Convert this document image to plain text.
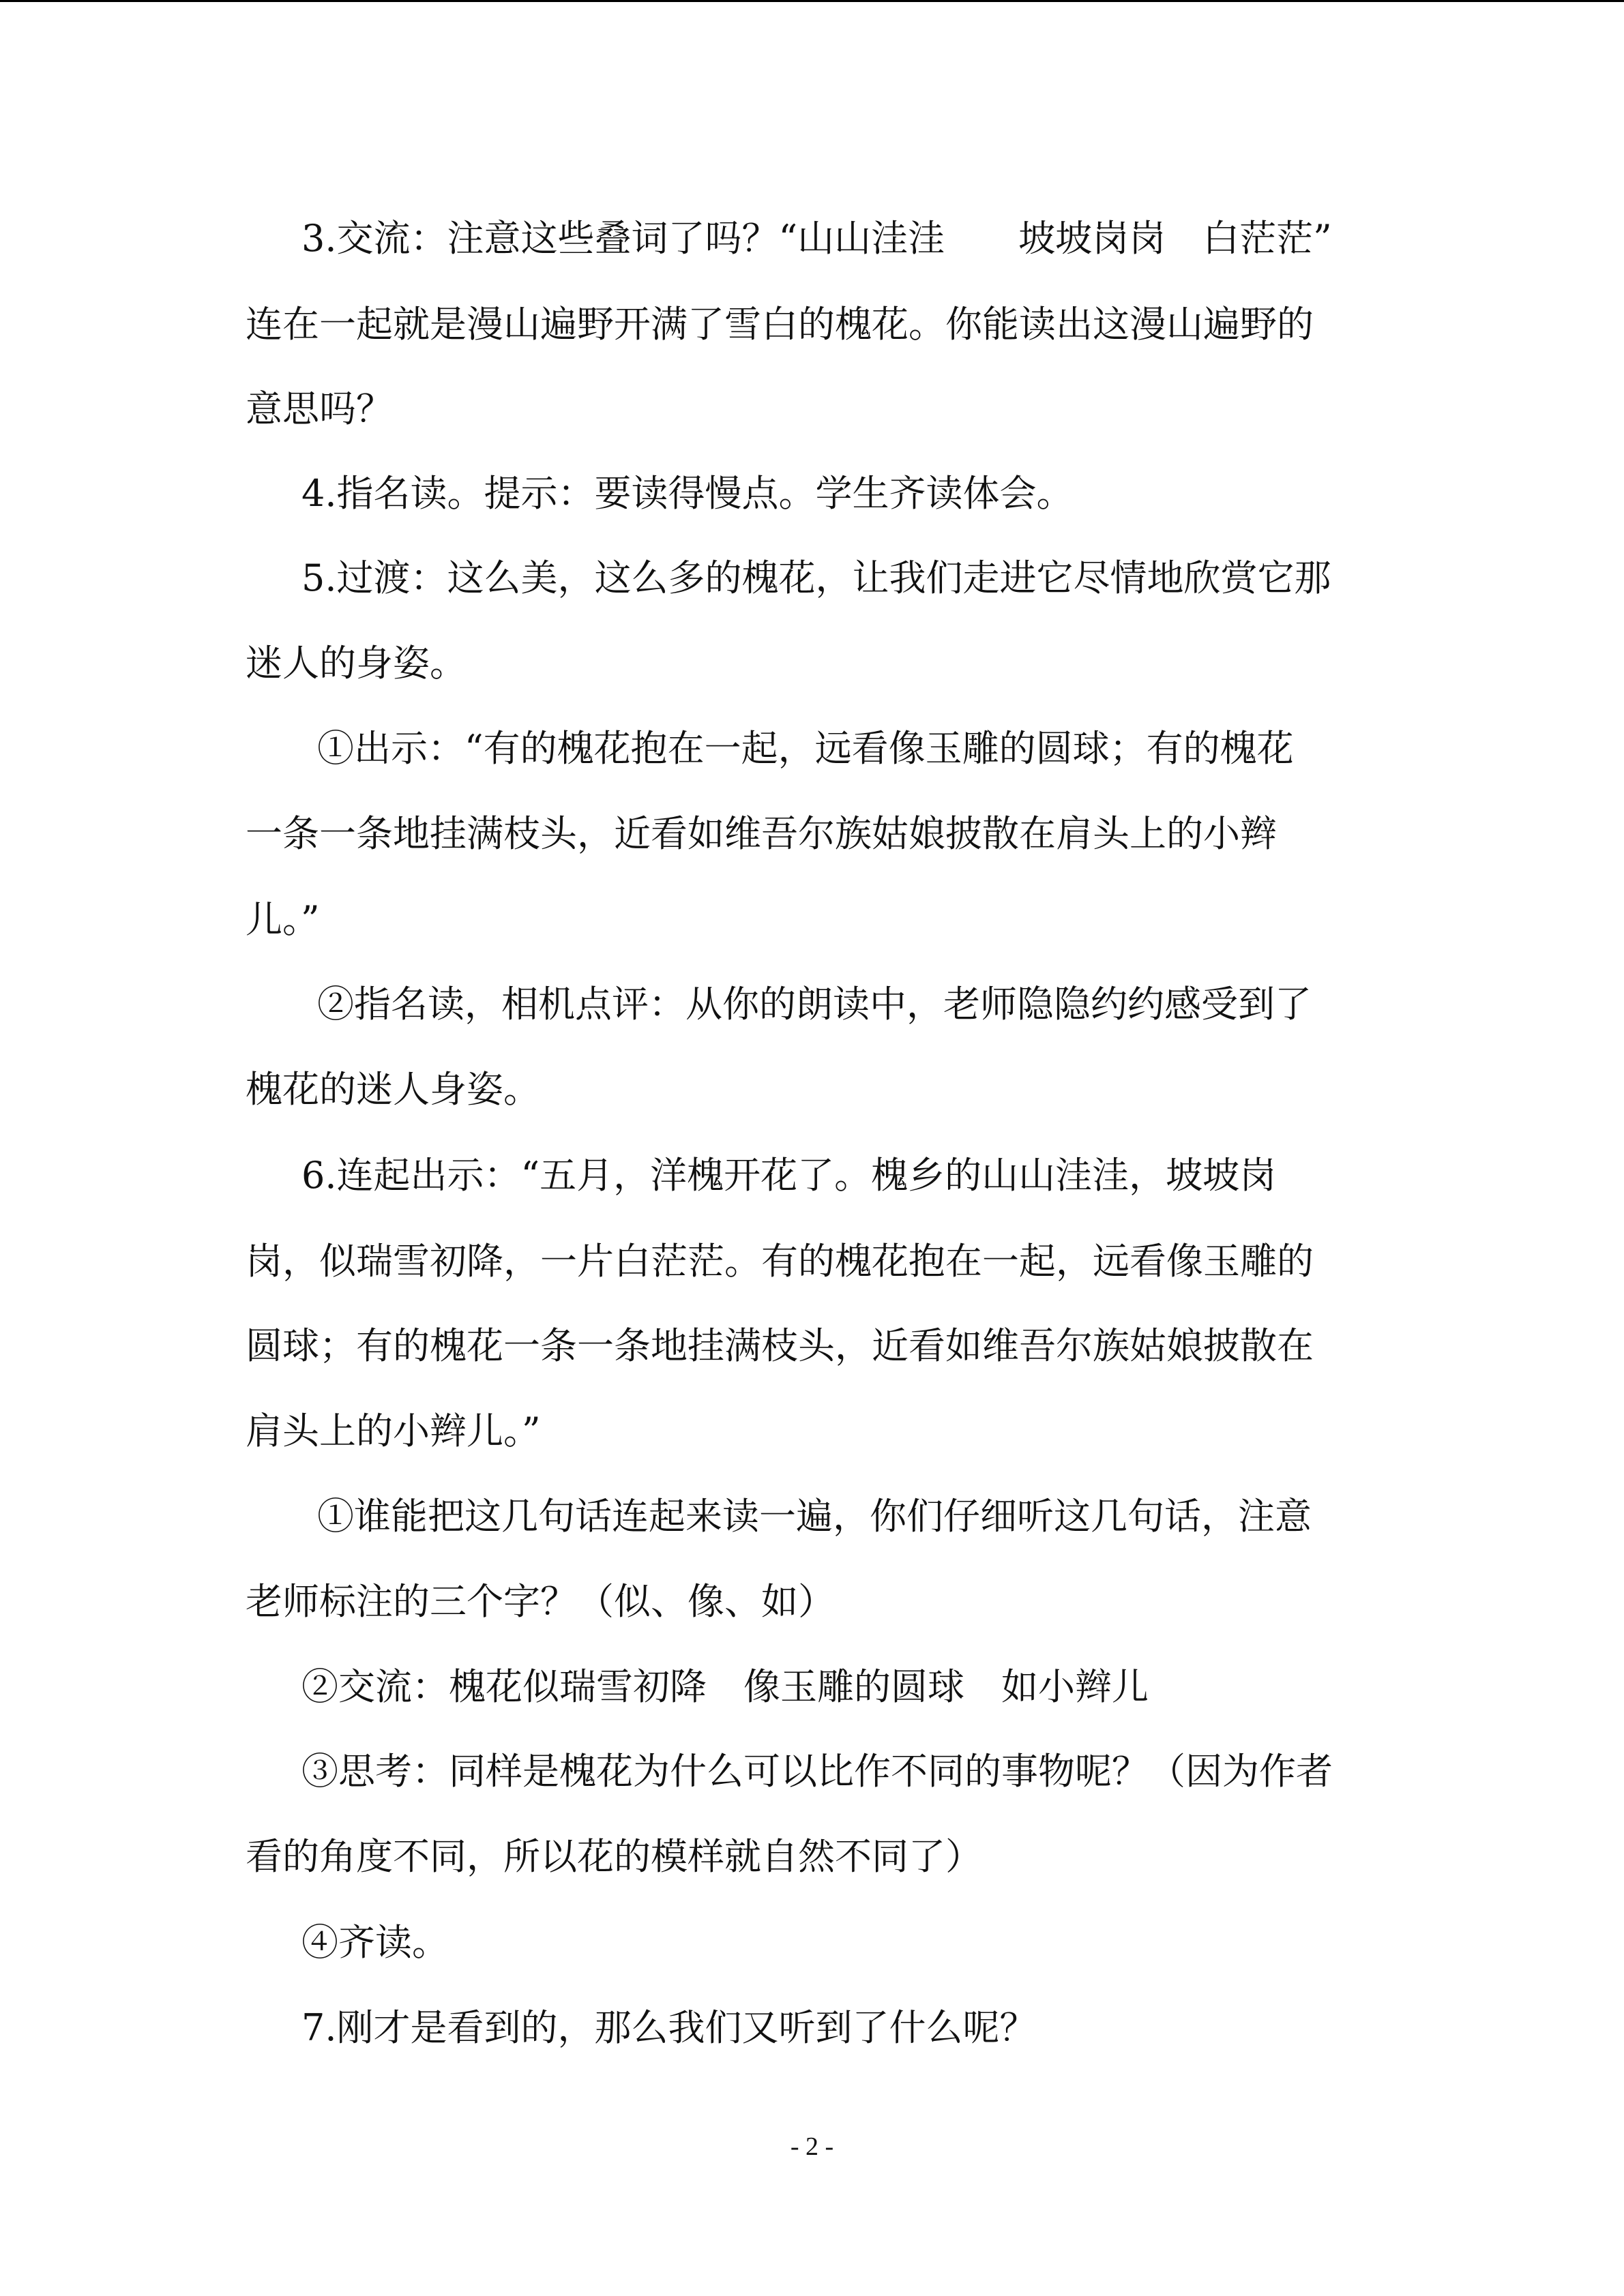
3.交流：注意这些叠词了吗？“山山洼洼　　坡坡岗岗　白茫茫”
连在一起就是漫山遍野开满了雪白的槐花。你能读出这漫山遍野的
意思吗？
4.指名读。提示：要读得慢点。学生齐读体会。
5.过渡：这么美，这么多的槐花，让我们走进它尽情地欣赏它那
迷人的身姿。
①出示：“有的槐花抱在一起，远看像玉雕的圆球；有的槐花
一条一条地挂满枝头，近看如维吾尔族姑娘披散在肩头上的小辫
儿。”
②指名读，相机点评：从你的朗读中，老师隐隐约约感受到了
槐花的迷人身姿。
6.连起出示：“五月，洋槐开花了。槐乡的山山洼洼，坡坡岗
岗，似瑞雪初降，一片白茫茫。有的槐花抱在一起，远看像玉雕的
圆球；有的槐花一条一条地挂满枝头，近看如维吾尔族姑娘披散在
肩头上的小辫儿。”
①谁能把这几句话连起来读一遍，你们仔细听这几句话，注意
老师标注的三个字？（似、像、如）
②交流：槐花似瑞雪初降　像玉雕的圆球　如小辫儿
③思考：同样是槐花为什么可以比作不同的事物呢？（因为作者
看的角度不同，所以花的模样就自然不同了）
④齐读。
7.刚才是看到的，那么我们又听到了什么呢？
- 2 -
